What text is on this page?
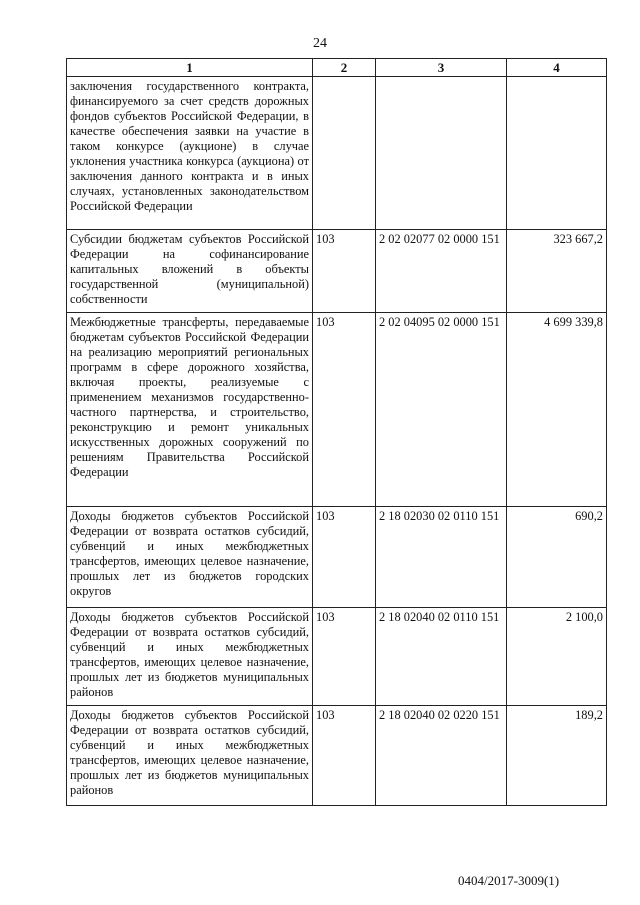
24
1	2	3	4
заключения государственного контракта, финансируемого за счет средств дорожных фондов субъектов Российской Федерации, в качестве обеспечения заявки на участие в таком конкурсе (аукционе) в случае уклонения участника конкурса (аукциона) от заключения данного контракта и в иных случаях, установленных законодательством Российской Федерации			
Субсидии бюджетам субъектов Российской Федерации на софинансирование капитальных вложений в объекты государственной (муниципальной) собственности	103	2 02 02077 02 0000 151	323 667,2
Межбюджетные трансферты, передаваемые бюджетам субъектов Российской Федерации на реализацию мероприятий региональных программ в сфере дорожного хозяйства, включая проекты, реализуемые с применением механизмов государственно-частного партнерства, и строительство, реконструкцию и ремонт уникальных искусственных дорожных сооружений по решениям Правительства Российской Федерации	103	2 02 04095 02 0000 151	4 699 339,8
Доходы бюджетов субъектов Российской Федерации от возврата остатков субсидий, субвенций и иных межбюджетных трансфертов, имеющих целевое назначение, прошлых лет из бюджетов городских округов	103	2 18 02030 02 0110 151	690,2
Доходы бюджетов субъектов Российской Федерации от возврата остатков субсидий, субвенций и иных межбюджетных трансфертов, имеющих целевое назначение, прошлых лет из бюджетов муниципальных районов	103	2 18 02040 02 0110 151	2 100,0
Доходы бюджетов субъектов Российской Федерации от возврата остатков субсидий, субвенций и иных межбюджетных трансфертов, имеющих целевое назначение, прошлых лет из бюджетов муниципальных районов	103	2 18 02040 02 0220 151	189,2
0404/2017-3009(1)
